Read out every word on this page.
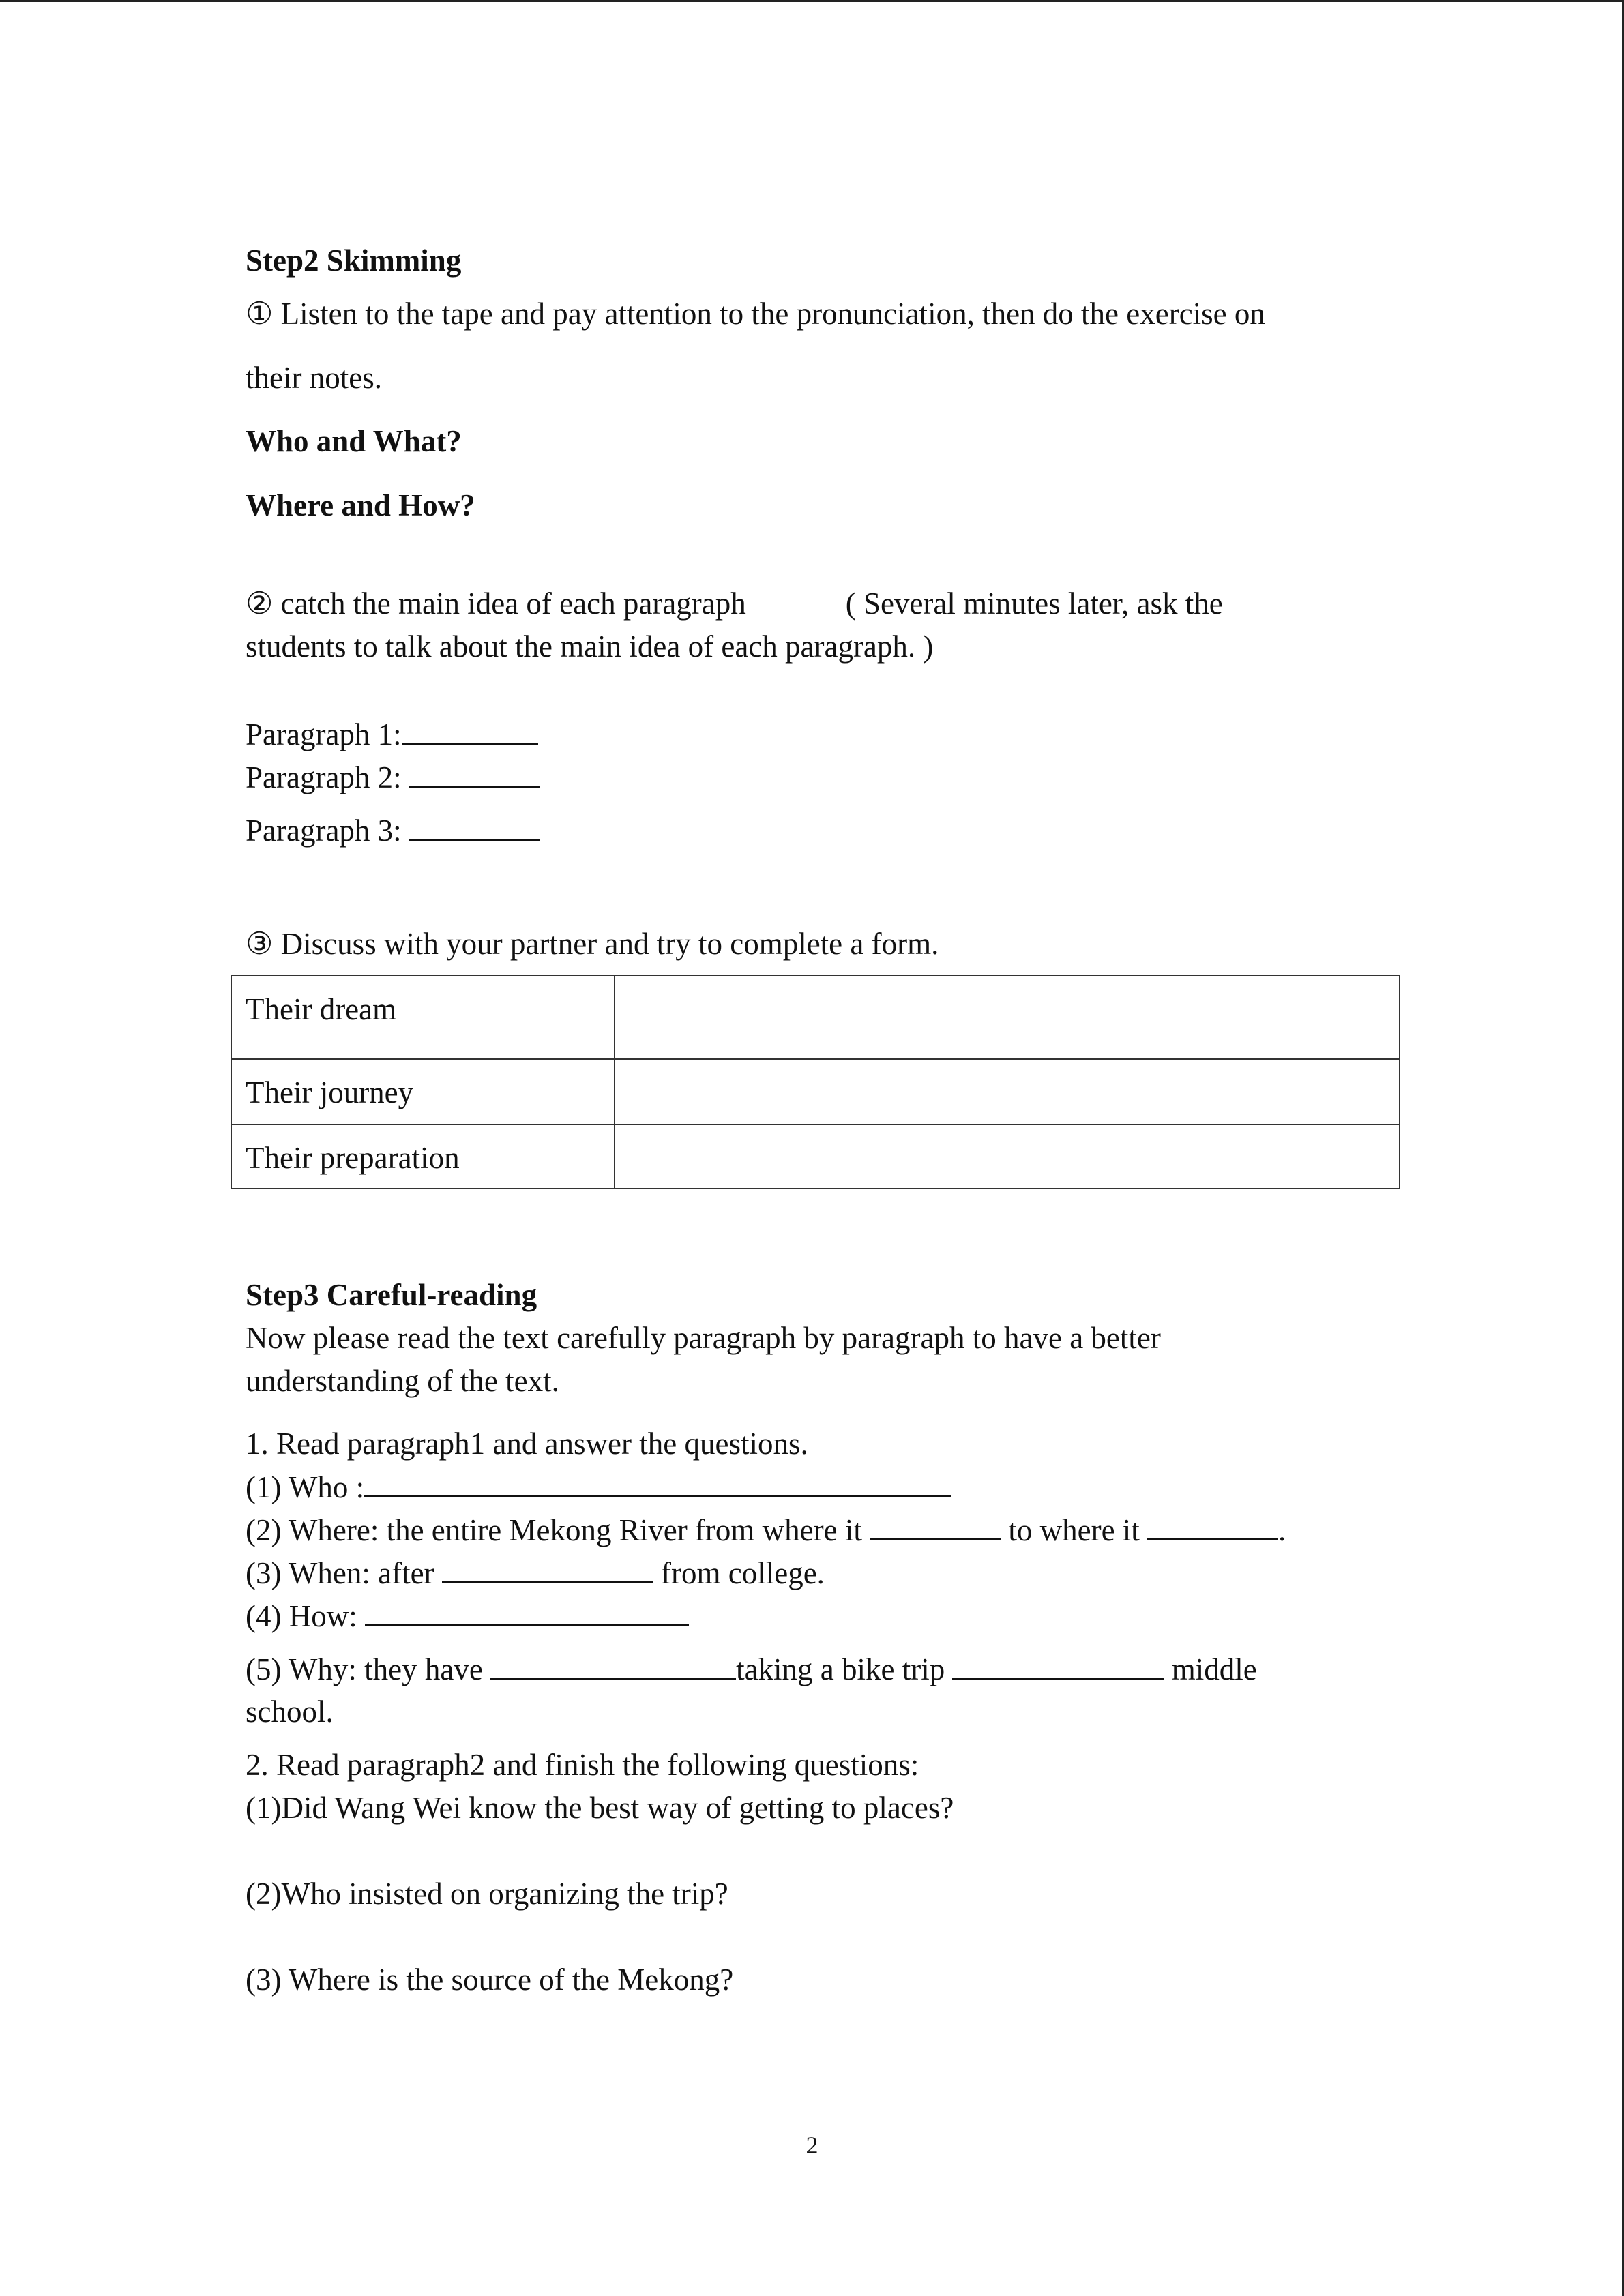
Step2 Skimming

① Listen to the tape and pay attention to the pronunciation, then do the exercise on

their notes.

Who and What?

Where and How?

② catch the main idea of each paragraph	( Several minutes later, ask the

students to talk about the main idea of each paragraph. )

Paragraph 1:

Paragraph 2:

Paragraph 3:

③ Discuss with your partner and try to complete a form.

Their dream	
Their journey	
Their preparation	

Step3 Careful-reading

Now please read the text carefully paragraph by paragraph to have a better

understanding of the text.

1. Read paragraph1 and answer the questions.

(1) Who :

(2) Where: the entire Mekong River from where it	to where it	.

(3) When: after	from college.

(4) How:

(5) Why: they have	taking a bike trip	middle

school.

2. Read paragraph2 and finish the following questions:

(1)Did Wang Wei know the best way of getting to places?

(2)Who insisted on organizing the trip?

(3) Where is the source of the Mekong?

2
